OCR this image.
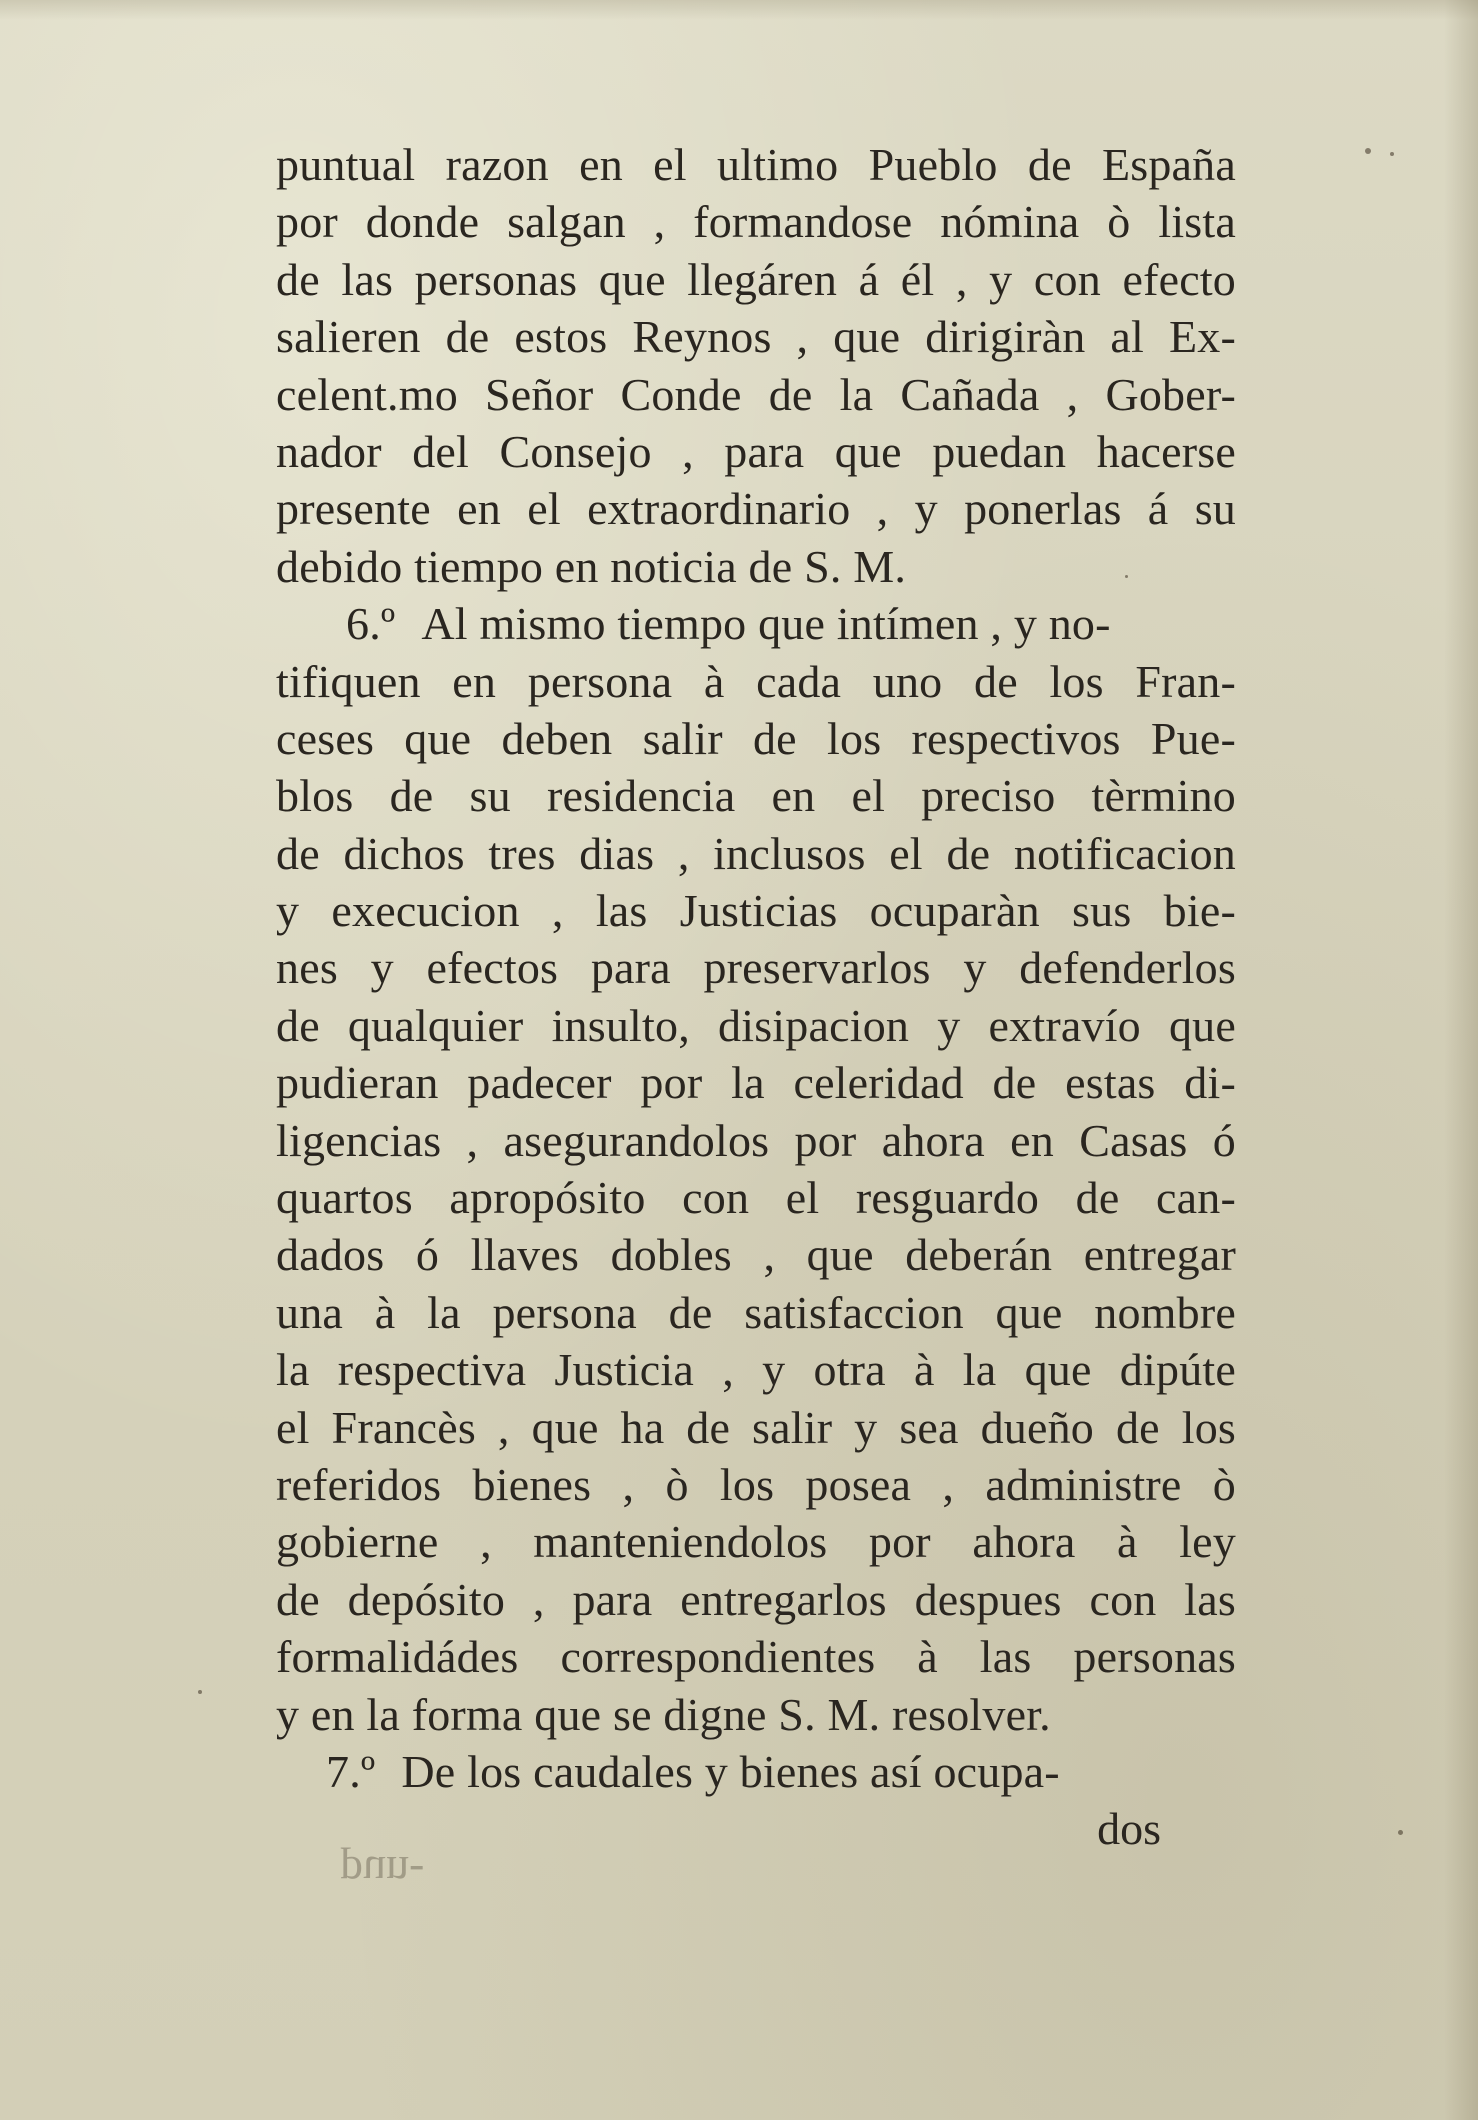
puntual razon en el ultimo Pueblo de España
por donde salgan , formandose nómina ò lista
de las personas que llegáren á él , y con efecto
salieren de estos Reynos , que dirigiràn al Ex-
celent.mo Señor Conde de la Cañada , Gober-
nador del Consejo , para que puedan hacerse
presente en el extraordinario , y ponerlas á su
debido tiempo en noticia de S. M.
6.º Al mismo tiempo que intímen , y no-
tifiquen en persona à cada uno de los Fran-
ceses que deben salir de los respectivos Pue-
blos de su residencia en el preciso tèrmino
de dichos tres dias , inclusos el de notificacion
y execucion , las Justicias ocuparàn sus bie-
nes y efectos para preservarlos y defenderlos
de qualquier insulto, disipacion y extravío que
pudieran padecer por la celeridad de estas di-
ligencias , asegurandolos por ahora en Casas ó
quartos apropósito con el resguardo de can-
dados ó llaves dobles , que deberán entregar
una à la persona de satisfaccion que nombre
la respectiva Justicia , y otra à la que dipúte
el Francès , que ha de salir y sea dueño de los
referidos bienes , ò los posea , administre ò
gobierne , manteniendolos por ahora à ley
de depósito , para entregarlos despues con las
formalidádes correspondientes à las personas
y en la forma que se digne S. M. resolver.
7.º De los caudales y bienes así ocupa-
dos
pun-
